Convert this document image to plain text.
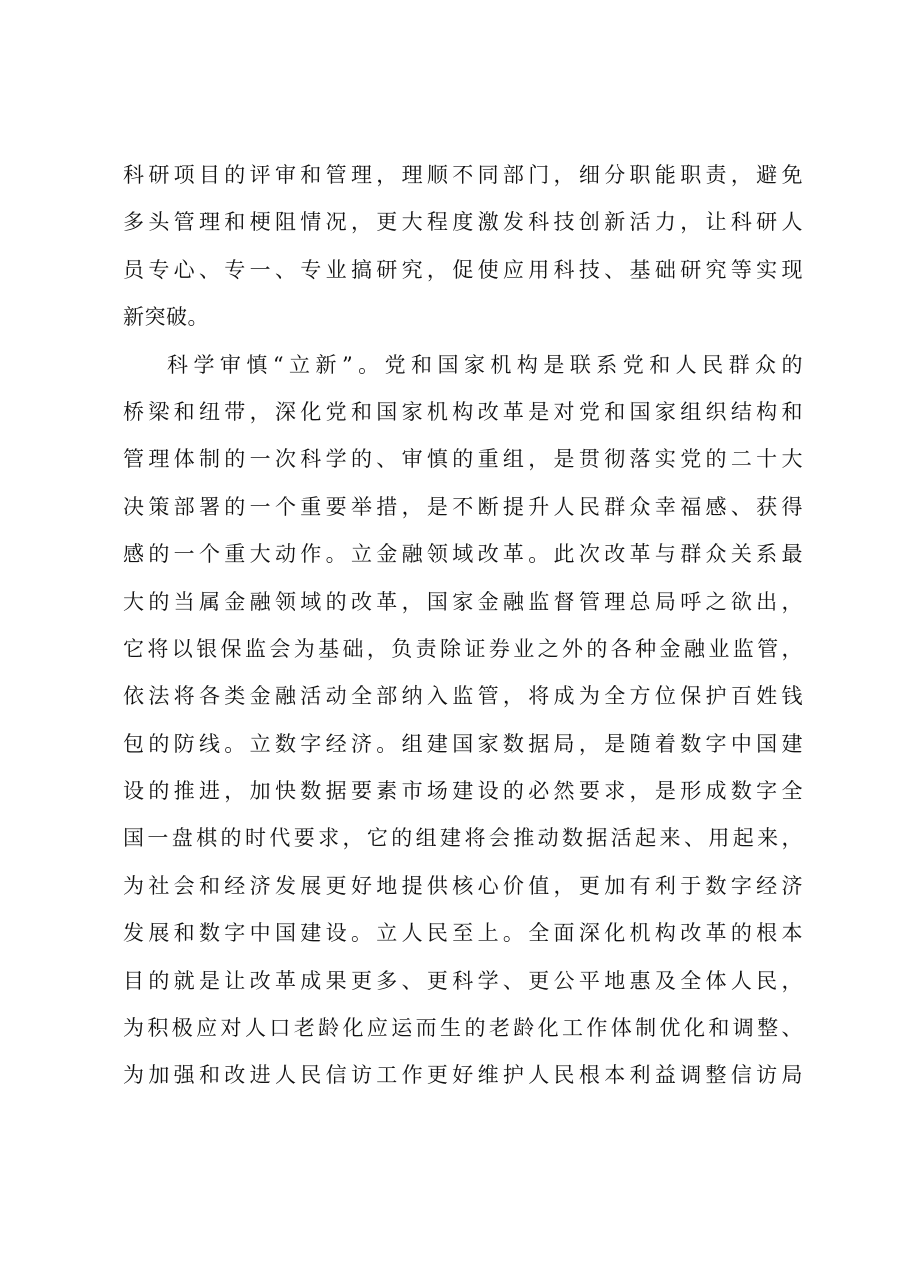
科研项目的评审和管理，理顺不同部门，细分职能职责，避免
多头管理和梗阻情况，更大程度激发科技创新活力，让科研人
员专心、专一、专业搞研究，促使应用科技、基础研究等实现
新突破。
科学审慎“立新”。党和国家机构是联系党和人民群众的
桥梁和纽带，深化党和国家机构改革是对党和国家组织结构和
管理体制的一次科学的、审慎的重组，是贯彻落实党的二十大
决策部署的一个重要举措，是不断提升人民群众幸福感、获得
感的一个重大动作。立金融领域改革。此次改革与群众关系最
大的当属金融领域的改革，国家金融监督管理总局呼之欲出，
它将以银保监会为基础，负责除证券业之外的各种金融业监管，
依法将各类金融活动全部纳入监管，将成为全方位保护百姓钱
包的防线。立数字经济。组建国家数据局，是随着数字中国建
设的推进，加快数据要素市场建设的必然要求，是形成数字全
国一盘棋的时代要求，它的组建将会推动数据活起来、用起来，
为社会和经济发展更好地提供核心价值，更加有利于数字经济
发展和数字中国建设。立人民至上。全面深化机构改革的根本
目的就是让改革成果更多、更科学、更公平地惠及全体人民，
为积极应对人口老龄化应运而生的老龄化工作体制优化和调整、
为加强和改进人民信访工作更好维护人民根本利益调整信访局
